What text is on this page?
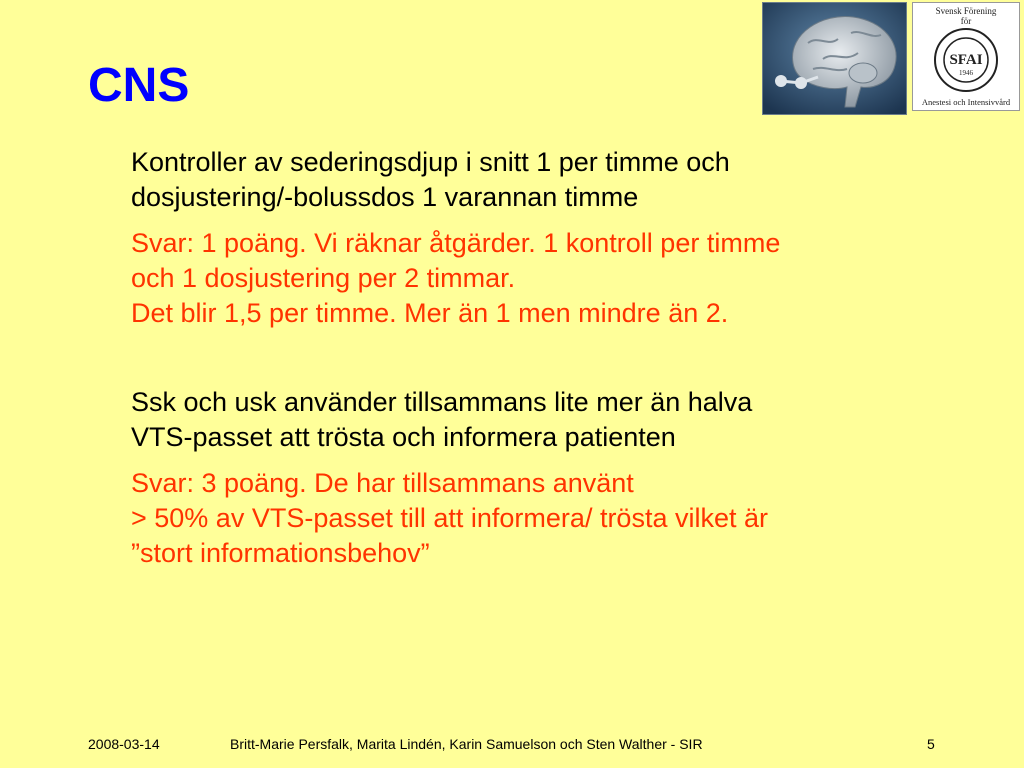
CNS
Svensk Förening
för
SFAI
1946
Anestesi och Intensivvård
Kontroller av sederingsdjup i snitt 1 per timme och
dosjustering/-bolussdos 1 varannan timme
Svar: 1 poäng. Vi räknar åtgärder. 1 kontroll per timme
och 1 dosjustering per 2 timmar.
Det blir 1,5 per timme. Mer än 1 men mindre än 2.
Ssk och usk använder tillsammans lite mer än halva
VTS-passet att trösta och informera patienten
Svar: 3 poäng. De har tillsammans använt
> 50% av VTS-passet till att informera/ trösta vilket är
”stort informationsbehov”
2008-03-14	Britt-Marie Persfalk, Marita Lindén, Karin Samuelson och Sten Walther - SIR	5
